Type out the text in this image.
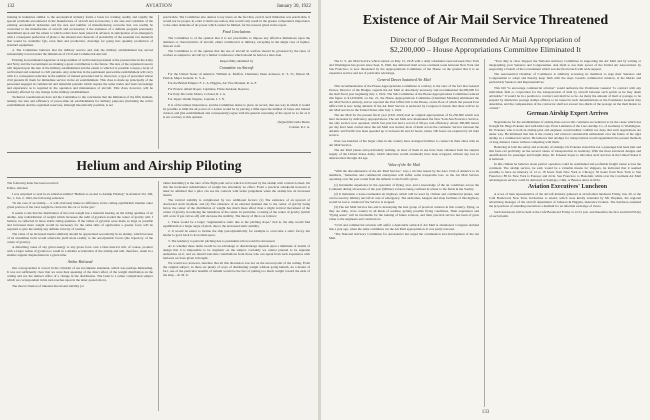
132	AVIATION	January 30, 1922

training in industries similar to the aeronautical industry forms a basis for training readily and rapidly the special problems encountered in the manufacture of aircraft and accessories; a the size and condition of the existing aeronautical industries and the size and number of manufacturing concerns that can readily be converted to the manufacture of aircraft and accessories; d the existence of a definite program previously determined upon and the extent to which orders have been placed in advance in anticipation of an emergency with a consequent perfection of plans; e the amount and character of probability of the essential raw materials that would be available: fgh, even then and production, drawings for going into quantity production of standard equipment.

4. The Committee believes that the military service and side the military establishment has served substantially toward under the limitations of Civil and Commercial Aircraft.

Existing Governmental Agencies: A large number of well trained personnel at the present time in the Army and Navy and the Government are making a great contribution to the future. The size of the organized reserve will depend upon the size of the military establishment and the extent to which it is possible to keep a body of well trained and returned to civil pursuits. Any reduction in the permanent peace-time establishment will carry with it a consequent reduction in the number of trained personnel and is, moreover, a type of personnel whose civil pursuits fit them for immediate service in the air establishment. This class is made up principally of the personnel engaged in commercial and industrial pursuits which require the same trades and basic knowledge and experience as is required in the operation and maintenance of aircraft. This class, however, will be seriously affected by any change in the military establishment.

Technical considerations have led the Committee to the conclusion that the limitation of the fifth element, namely, the size and efficiency of peace-time air establishments for military purposes (including the active establishment and the organized reserves), although theoretically possible, is not

practicable. The Committee also desires to lay stress on the fact that, even if such limitation was practicable, it would not be proper, in order to limit one nation, that would only result in the greater comparative importance to the other elements of air power which cannot be limited, for the reasons given in the report.

Final Conclusions

The Committee is of the opinion that it is not practicable to impose any effective limitations upon the numbers or characteristics of aircraft, either commercial or military, excepting in the single case of lighter-than-air craft.

The Committee is of the opinion that the use of aircraft in warfare should be governed by the rules of warfare as adapted to aircraft by a further Conference which should be held at a later date.

Respectfully submitted by

Committee on Aircraft

For the United States of America: William A. Moffett, Chairman; Dean Acheson, U. S. N.; Mason M. Patrick, Major General, U. S. A.

For the British Empire: F. C. A. Higgins, Air Vice Marshal, R. A. F.

For France: Albert Roper, Capitaine, Pilote Aviateur, Reserve.

For Italy: Riccardo Moizo, Colonel, R. I. A.

For Japan: Osami Nagano, Captain, I. J. N.

It is of the utmost importance, and the Committee desire to place on record, that one way in which it would be possible to limit the air power of a nation would be by placing a limit upon the number of bases and trained aviators and (the establishment and consequently) agree with the general reasoning of the report in so far as it is not contrary to this opinion.

(Signed) Riccardo Moizo

Colonel, R. I. A.

Helium and Airship Piloting

The following letter has been received:

Editor, Aviation

I was surprised to read in an editorial entitled "Helium as an Aid to Airship Piloting" in Aviation Vol. XII, No. 1, Jan. 2, 1922, the following sentence:

"In the case of an airship — it will obviously make no difference in the ceiling equilibrium whether outer given portion of the total weight be carried in the car or in the gas."

It seems to me that the distribution of the total weight has a material bearing on the riding qualities of an airship. Any redistribution of weight which increases the radii of gyration around the center of gravity will, I believe, be reflected in more stable riding qualities. If the radius of gyration were made as large as possible and increased more weight would be necessary for the same time of application a greater force will be required to give the airship any definite velocity of rotation.

The value of an increased inertia similarly should be appreciated secondarily in an airship, which because of its streamline form would otherwise yield more readily to the aerodynamic forces (the trajectory of the center of gravity).

A disturbing cause of any given energy or any given force over a time interval will, of course, produce with a larger radius of gyration to result in a smaller acceleration of the airship and will, therefore, result in a smaller angular displacement in a given time.

Arthur Halstead

Our correspondent is correct in his criticism of our incomplete statement, which was perhaps misleading. It was not sufficiently clear that we were then speaking of the direct effect of the weight distribution on the ceiling and not the indirect effect of a change in the distribution. The latter is a rather complicated subject which we correspondent in his turn touches upon in the letter quoted above.

The moral criterion of inherent directional stability (or

rather instability) is the ratio of the flight path curve which is followed by the airship with controls locked. On this the horizontal redistribution of weight has absolutely no effect. From a practical standpoint however it must be admitted that a pilot can see his controls with better judgement when the airship has an increased inertia.

The vertical stability is complicated by two additional factors: (1) The existence of an upward of downward static moment, and (2) The existence of an external moment due to the center of gravity being below the center of the distribution of weight has much more effect than a slight vertical movement of the center of gravity in reducing the tremulous of the center. In particular, a raising of the center of gravity (which will occur if gas valves off) will decrease the stability. The theory of this is as follows:

1. There would be a larger "augmentative static due to the pitching slope," that is, the ship would find equilibrium at a larger angle of pitch, due to the decreased static stability.

2. It would be easier to incline the ship (aerodynamically for example to overcome a static force), but harder to get it back to its normal space.

3. The tendency to periodic pitching due to pendulum action would be decreased.

As to whether these items would be an advantage or disadvantage depends upon a multitude of details of design that it is impossible to be dogmatic on the subject. Certainly we cannot pretend to be supreme authorities on it, and we should welcome contributions from those who can speak from such experience with balloons we have given it thought.

We would not, however, interfere that all this discussion was not on the second point of the ceiling. From the original subject, as there are plenty of ways of distributing weight without going helium. As a matter of fact, one of the particular benefits of helium would be the fact of putting too much weight toward the ends of the ship.—R. M. U.

Existence of Air Mail Service Threatened
Director of Budget Recommended Air Mail Appropriation of
$2,200,000 – House Appropriations Committee Eliminated It

The U. S. Air Mail Service which started on May 15, 1918 with a daily scheduled route between New York and Washington has grown since Sept. 8, 1920, has delivered mail across continent route between New York and San Francisco, is now threatened by the Appropriations Committee of the House on the ground that it is an expensive service and not of particular advantage.

General Dawes Sustained Air Mail

This recommendation of the House Appropriations Committee is contrary to the view of the fact that General Dawes, Director of the Budget, regards the Air Mail as absolutely necessary and recommended $2,200,000 for the mail fiscal year beginning July 1, 1922. The Sub-Committee of the House Appropriations Committee reduced this figure to $1,250,000, on Jan. 21, the House Appropriations Committee (Chairman Madden) eliminated the Air Mail Service entirely, and so reported the Post Office bill to the House, on the floor of which the present Post Office bill is now being debated. If the Air Mail Service is endorsed by Congress it means that there will be no Air Mail service in the United States after July 1, 1922.

The Air Mail for the present fiscal year (1921-1922) had an original appropriation of $1,250,000 which was later increased by deficiency appropriations. The Air Mail now maintained the New York-San Francisco Service, the only service now operated, which last year has had a record of 98 per cent efficiency. About 300,000 letters per day have been carried since the Air Mail was started, most of them across the continent. Service between the Atlantic and Pacific has been speeded up to between 40 and 22 hours, where 100 hours are required by all train service.

Over one hundred of the larger cities in the country have arranged facilities to connect in their cities with an Air Mail Service.

The Air Mail planes and particularly nothing, as most of them in use have been obtained from the surplus supply of the United States Army, which otherwise would eventually have been scrapped, without any loss in deterioration through old age.

Value of the Air Mail

"With the discontinuance of the Air Mail Service," says a circular issued by the Aero Club of America to its members, "industries and commercial enterprises will suffer some irreparable loss, as the Air Mail Service operating over the year round from the Atlantic to the Pacific gives:

(1) Invaluable experience in the operation of flying over, and a knowledge of the air conditions across the Continent during all seasons of the year (Military aviators being confined in winter to the fields in the South);

(2) It maintains a trans-continental air highway which will be used by civilian and commercial planes, and can be used by military aircraft in case of emergency. The airdromes, hangars and shop facilities of this highway would be lost to aviation if the Service is stopped.

(3) The Air Mail Service has and is developing the best group of practical aviation in this country, flying, as they are daily, cross country in all kinds of weather, getting possible flying conditions. Their experience and "flying sense" will be invaluable for the training of future aviators, and their practical service has been of great value to the engineers and constructors.

"Civil and commercial aviation will suffer a deplorable setback if Air Mail is abandoned. Congress decided this a year ago, when the same committee cut the Air Mail appropriation. It was partly restored.

"The National Advisory Committee for Aeronautics has urged the continuation and development of the Air Mail.

"Your duty is clear. Support the National Advisory Committee in supporting the Air Mail and by writing or telegraphing your Senators and Congressmen. Ask them to use their power of the United Air Associations by supporting a branch of the Government which was the first branch with wide support.

The Aeronautical Chamber of Commerce is similarly accessing its members to urge their Senators and Congressmen to adopt and thereby keep faith with the steps towards commercial aviation, is the Merits and particularly Senators and Representatives.

This bill "to encourage commercial aviation" would authorize the Postmaster General "to contract with any individual, firm or corporation for the transportation of mail by aircraft between such points as he may deem advisable." It would be in a position to contract and shall be so be. As many the amount of mail or postage, to be prepaid by distinctive postage stamps affixed, to be issued in such denominations as the Postmaster General may determine, and the compensation of the contractor shall not exceed two-thirds of the postage on the mail matter so carried."

German Airship Expert Arrives

Negotiations for the establishment of airship lines across this continent are believed to be the cause which has brought Dr. Hugo Eckener and with him Capt. Ernst Lehmann of the Luso Airship Co. of Germany to Washington. Dr. Eckener, who is both an airship pilot and engineer, would neither confirm nor deny that such negotiations are under way. He intimated that this is the country and evinced considerable enthusiasm over the future of the rigid airship as a commercial carrier. He believes that airships for transportation would supplement the present methods of long distance routes without competing with them.

Believing in both the safety and economy of airships, Dr. Eckener stated that not a passenger had been hurt and that fares ran profitably on the several routes of transportation in Germany. With the most advanced designs and qualifications for passenger and freight ships, Dr. Eckener hopes to introduce such services in the United States it is believed.

In this climate he believes about perfect operation could be established and profitable freight routes across the continent. The airship service, he said, would be a valuable means for shippers, he indicated that it seemed possible to have an itinerary of 12 to 18 hours from New York to Chicago; 50 hours from New York to San Francisco; 80 hr. New York to Europe; and 24 hr. San Francisco to Honolulu; while over the Continent Air Mail advantageous service could be delivered at Santiago, Chili, or Buenos Aires in 90 hr.

Aviation Executives' Luncheon

A score of men representative of the aircraft industry gathered at an informal luncheon Friday, Jan. 20, at the Café Boulevard, New York. Invitations to attend, which were kindly extended by Mr. Hopkins, the regional advertising manager of the aircraft department of Johnson & Higgins, insurance brokers. The luncheon assumed the proportions of attending executives a medium for an informal exchange of views.

Such luncheons will be held at the Café Boulevard Friday at 12:15 p.m. and thereafter the first and third Friday of each month.

133
